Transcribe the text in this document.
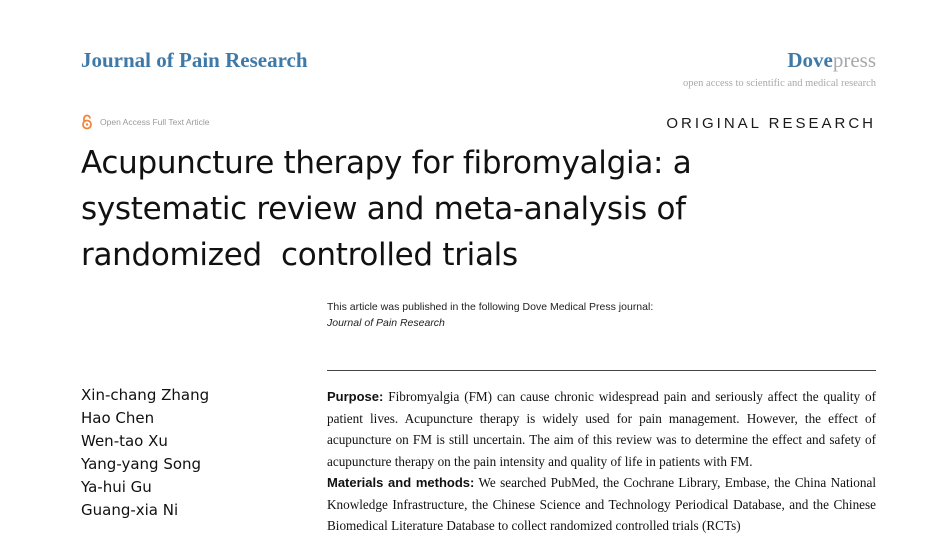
Journal of Pain Research	Dovepress
open access to scientific and medical research
Open Access Full Text Article	ORIGINAL RESEARCH
Acupuncture therapy for fibromyalgia: a systematic review and meta-analysis of randomized  controlled trials
This article was published in the following Dove Medical Press journal:
Journal of Pain Research
Xin-chang Zhang
Hao Chen
Wen-tao Xu
Yang-yang Song
Ya-hui Gu
Guang-xia Ni

Purpose: Fibromyalgia (FM) can cause chronic widespread pain and seriously affect the quality of patient lives. Acupuncture therapy is widely used for pain management. However, the effect of acupuncture on FM is still uncertain. The aim of this review was to determine the effect and safety of acupuncture therapy on the pain intensity and quality of life in patients with FM.

Materials and methods: We searched PubMed, the Cochrane Library, Embase, the China National Knowledge Infrastructure, the Chinese Science and Technology Periodical Database, and the Chinese Biomedical Literature Database to collect randomized controlled trials (RCTs)
